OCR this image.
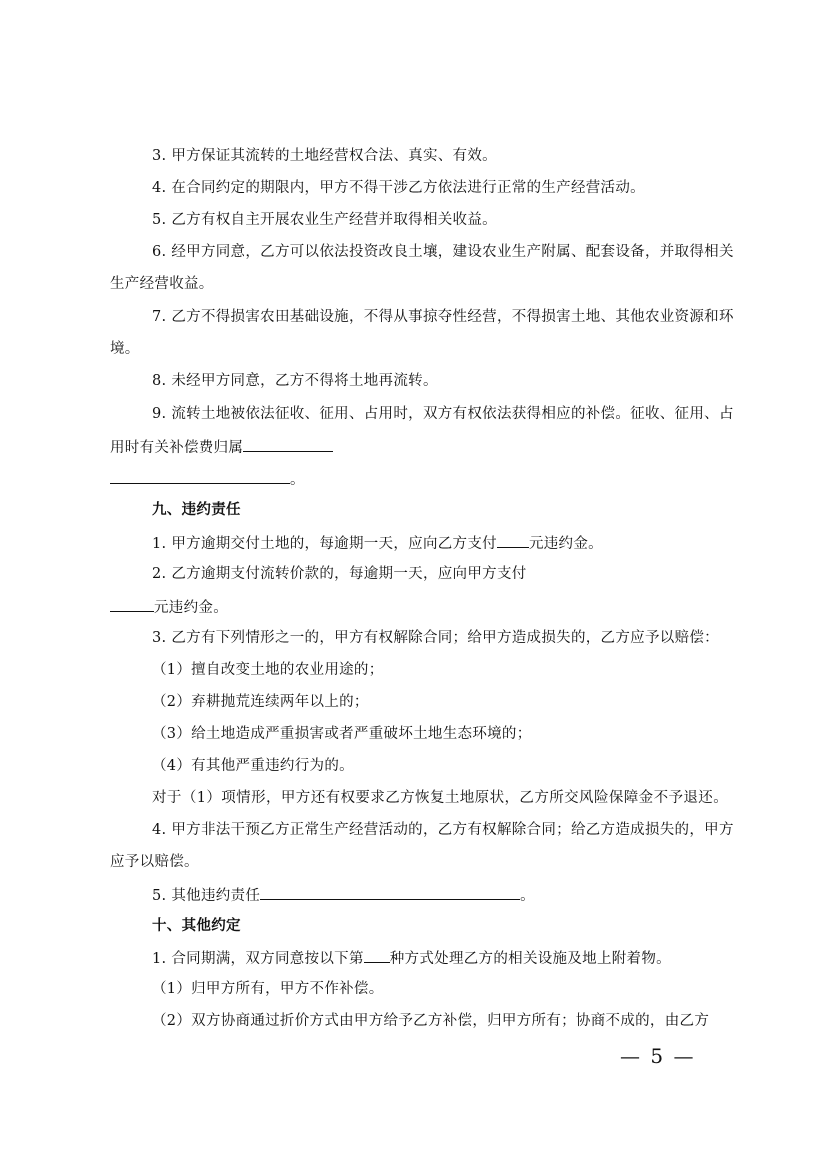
3. 甲方保证其流转的土地经营权合法、真实、有效。
4. 在合同约定的期限内，甲方不得干涉乙方依法进行正常的生产经营活动。
5. 乙方有权自主开展农业生产经营并取得相关收益。
6. 经甲方同意，乙方可以依法投资改良土壤，建设农业生产附属、配套设备，并取得相关
生产经营收益。
7. 乙方不得损害农田基础设施，不得从事掠夺性经营，不得损害土地、其他农业资源和环
境。
8. 未经甲方同意，乙方不得将土地再流转。
9. 流转土地被依法征收、征用、占用时，双方有权依法获得相应的补偿。征收、征用、占
用时有关补偿费归属
。
九、违约责任
1. 甲方逾期交付土地的，每逾期一天，应向乙方支付 元违约金。
2. 乙方逾期支付流转价款的，每逾期一天，应向甲方支付
元违约金。
3. 乙方有下列情形之一的，甲方有权解除合同；给甲方造成损失的，乙方应予以赔偿：
（1）擅自改变土地的农业用途的；
（2）弃耕抛荒连续两年以上的；
（3）给土地造成严重损害或者严重破坏土地生态环境的；
（4）有其他严重违约行为的。
对于（1）项情形，甲方还有权要求乙方恢复土地原状，乙方所交风险保障金不予退还。
4. 甲方非法干预乙方正常生产经营活动的，乙方有权解除合同；给乙方造成损失的，甲方
应予以赔偿。
5. 其他违约责任	。
十、其他约定
1. 合同期满，双方同意按以下第 种方式处理乙方的相关设施及地上附着物。
（1）归甲方所有，甲方不作补偿。
（2）双方协商通过折价方式由甲方给予乙方补偿，归甲方所有；协商不成的，由乙方
— 5 —
